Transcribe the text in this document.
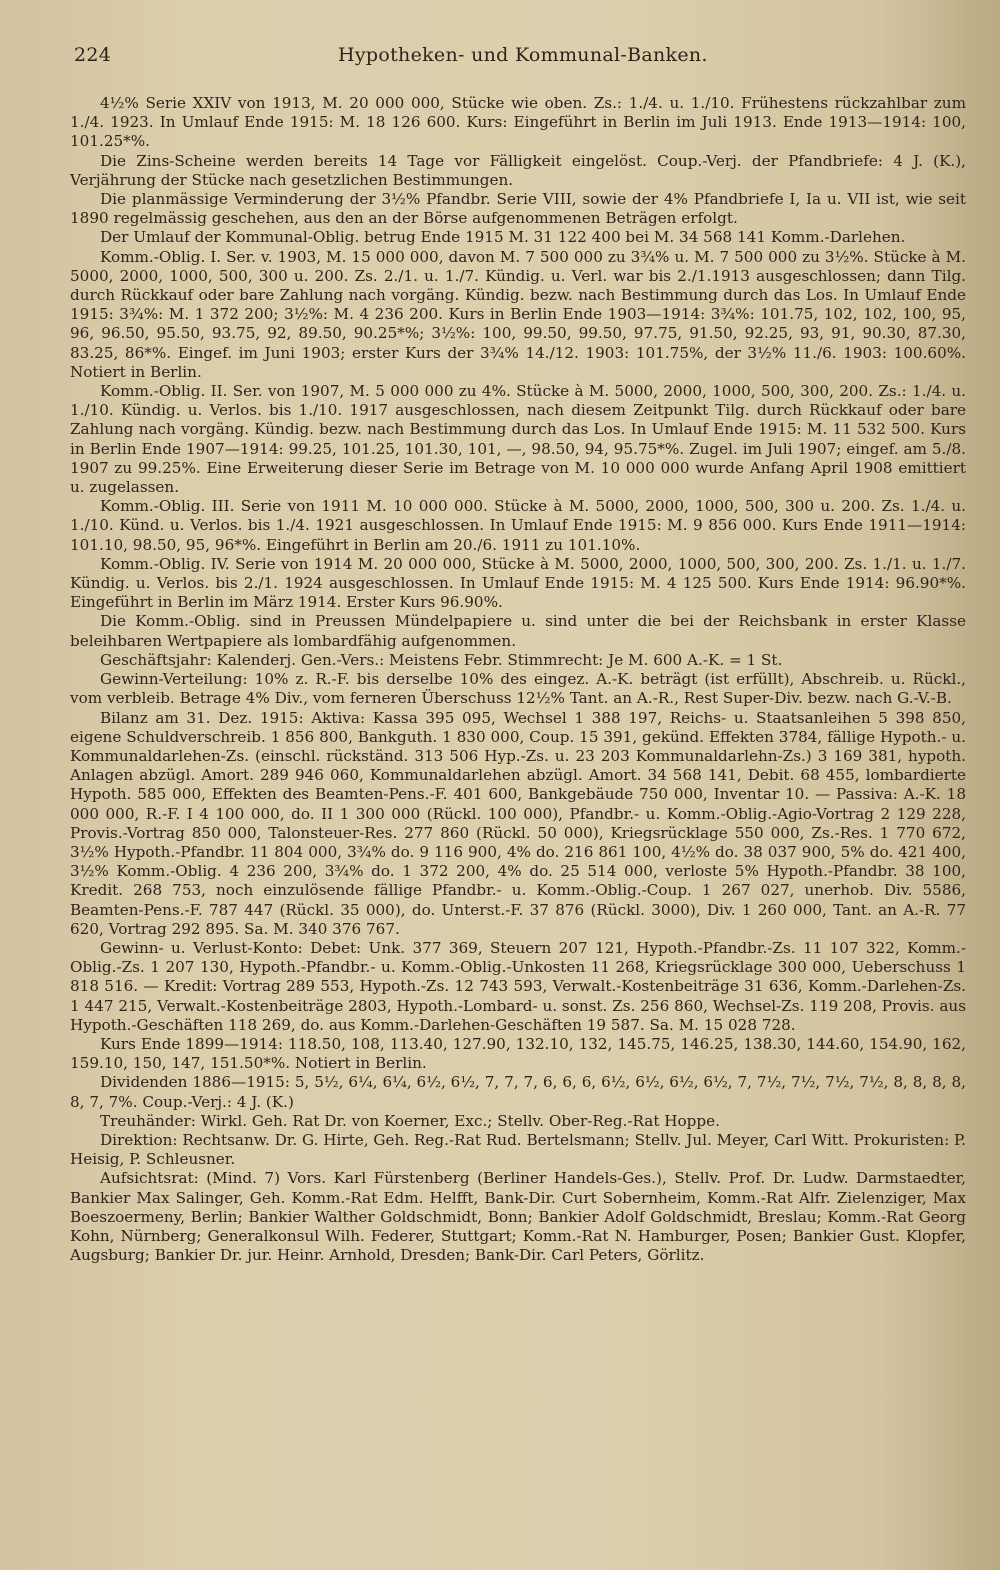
224	Hypotheken- und Kommunal-Banken.

4½% Serie XXIV von 1913, M. 20 000 000, Stücke wie oben. Zs.: 1./4. u. 1./10. Frühestens rückzahlbar zum 1./4. 1923. In Umlauf Ende 1915: M. 18 126 600. Kurs: Eingeführt in Berlin im Juli 1913. Ende 1913—1914: 100, 101.25*%.

Die Zins-Scheine werden bereits 14 Tage vor Fälligkeit eingelöst. Coup.-Verj. der Pfandbriefe: 4 J. (K.), Verjährung der Stücke nach gesetzlichen Bestimmungen.

Die planmässige Verminderung der 3½% Pfandbr. Serie VIII, sowie der 4% Pfandbriefe I, Ia u. VII ist, wie seit 1890 regelmässig geschehen, aus den an der Börse aufgenommenen Beträgen erfolgt.

Der Umlauf der Kommunal-Oblig. betrug Ende 1915 M. 31 122 400 bei M. 34 568 141 Komm.-Darlehen.

Komm.-Oblig. I. Ser. v. 1903, M. 15 000 000, davon M. 7 500 000 zu 3¾% u. M. 7 500 000 zu 3½%. Stücke à M. 5000, 2000, 1000, 500, 300 u. 200. Zs. 2./1. u. 1./7. Kündig. u. Verl. war bis 2./1.1913 ausgeschlossen; dann Tilg. durch Rückkauf oder bare Zahlung nach vorgäng. Kündig. bezw. nach Bestimmung durch das Los. In Umlauf Ende 1915: 3¾%: M. 1 372 200; 3½%: M. 4 236 200. Kurs in Berlin Ende 1903—1914: 3¾%: 101.75, 102, 102, 100, 95, 96, 96.50, 95.50, 93.75, 92, 89.50, 90.25*%; 3½%: 100, 99.50, 99.50, 97.75, 91.50, 92.25, 93, 91, 90.30, 87.30, 83.25, 86*%. Eingef. im Juni 1903; erster Kurs der 3¾% 14./12. 1903: 101.75%, der 3½% 11./6. 1903: 100.60%. Notiert in Berlin.

Komm.-Oblig. II. Ser. von 1907, M. 5 000 000 zu 4%. Stücke à M. 5000, 2000, 1000, 500, 300, 200. Zs.: 1./4. u. 1./10. Kündig. u. Verlos. bis 1./10. 1917 ausgeschlossen, nach diesem Zeitpunkt Tilg. durch Rückkauf oder bare Zahlung nach vorgäng. Kündig. bezw. nach Bestimmung durch das Los. In Umlauf Ende 1915: M. 11 532 500. Kurs in Berlin Ende 1907—1914: 99.25, 101.25, 101.30, 101, —, 98.50, 94, 95.75*%. Zugel. im Juli 1907; eingef. am 5./8. 1907 zu 99.25%. Eine Erweiterung dieser Serie im Betrage von M. 10 000 000 wurde Anfang April 1908 emittiert u. zugelassen.

Komm.-Oblig. III. Serie von 1911 M. 10 000 000. Stücke à M. 5000, 2000, 1000, 500, 300 u. 200. Zs. 1./4. u. 1./10. Künd. u. Verlos. bis 1./4. 1921 ausgeschlossen. In Umlauf Ende 1915: M. 9 856 000. Kurs Ende 1911—1914: 101.10, 98.50, 95, 96*%. Eingeführt in Berlin am 20./6. 1911 zu 101.10%.

Komm.-Oblig. IV. Serie von 1914 M. 20 000 000, Stücke à M. 5000, 2000, 1000, 500, 300, 200. Zs. 1./1. u. 1./7. Kündig. u. Verlos. bis 2./1. 1924 ausgeschlossen. In Umlauf Ende 1915: M. 4 125 500. Kurs Ende 1914: 96.90*%. Eingeführt in Berlin im März 1914. Erster Kurs 96.90%.

Die Komm.-Oblig. sind in Preussen Mündelpapiere u. sind unter die bei der Reichsbank in erster Klasse beleihbaren Wertpapiere als lombardfähig aufgenommen.

Geschäftsjahr: Kalenderj. Gen.-Vers.: Meistens Febr. Stimmrecht: Je M. 600 A.-K. = 1 St.

Gewinn-Verteilung: 10% z. R.-F. bis derselbe 10% des eingez. A.-K. beträgt (ist erfüllt), Abschreib. u. Rückl., vom verbleib. Betrage 4% Div., vom ferneren Überschuss 12½% Tant. an A.-R., Rest Super-Div. bezw. nach G.-V.-B.

Bilanz am 31. Dez. 1915: Aktiva: Kassa 395 095, Wechsel 1 388 197, Reichs- u. Staatsanleihen 5 398 850, eigene Schuldverschreib. 1 856 800, Bankguth. 1 830 000, Coup. 15 391, gekünd. Effekten 3784, fällige Hypoth.- u. Kommunaldarlehen-Zs. (einschl. rückständ. 313 506 Hyp.-Zs. u. 23 203 Kommunaldarlehn-Zs.) 3 169 381, hypoth. Anlagen abzügl. Amort. 289 946 060, Kommunaldarlehen abzügl. Amort. 34 568 141, Debit. 68 455, lombardierte Hypoth. 585 000, Effekten des Beamten-Pens.-F. 401 600, Bankgebäude 750 000, Inventar 10. — Passiva: A.-K. 18 000 000, R.-F. I 4 100 000, do. II 1 300 000 (Rückl. 100 000), Pfandbr.- u. Komm.-Oblig.-Agio-Vortrag 2 129 228, Provis.-Vortrag 850 000, Talonsteuer-Res. 277 860 (Rückl. 50 000), Kriegsrücklage 550 000, Zs.-Res. 1 770 672, 3½% Hypoth.-Pfandbr. 11 804 000, 3¾% do. 9 116 900, 4% do. 216 861 100, 4½% do. 38 037 900, 5% do. 421 400, 3½% Komm.-Oblig. 4 236 200, 3¾% do. 1 372 200, 4% do. 25 514 000, verloste 5% Hypoth.-Pfandbr. 38 100, Kredit. 268 753, noch einzulösende fällige Pfandbr.- u. Komm.-Oblig.-Coup. 1 267 027, unerhob. Div. 5586, Beamten-Pens.-F. 787 447 (Rückl. 35 000), do. Unterst.-F. 37 876 (Rückl. 3000), Div. 1 260 000, Tant. an A.-R. 77 620, Vortrag 292 895. Sa. M. 340 376 767.

Gewinn- u. Verlust-Konto: Debet: Unk. 377 369, Steuern 207 121, Hypoth.-Pfandbr.-Zs. 11 107 322, Komm.-Oblig.-Zs. 1 207 130, Hypoth.-Pfandbr.- u. Komm.-Oblig.-Unkosten 11 268, Kriegsrücklage 300 000, Ueberschuss 1 818 516. — Kredit: Vortrag 289 553, Hypoth.-Zs. 12 743 593, Verwalt.-Kostenbeiträge 31 636, Komm.-Darlehen-Zs. 1 447 215, Verwalt.-Kostenbeiträge 2803, Hypoth.-Lombard- u. sonst. Zs. 256 860, Wechsel-Zs. 119 208, Provis. aus Hypoth.-Geschäften 118 269, do. aus Komm.-Darlehen-Geschäften 19 587. Sa. M. 15 028 728.

Kurs Ende 1899—1914: 118.50, 108, 113.40, 127.90, 132.10, 132, 145.75, 146.25, 138.30, 144.60, 154.90, 162, 159.10, 150, 147, 151.50*%. Notiert in Berlin.

Dividenden 1886—1915: 5, 5½, 6¼, 6¼, 6½, 6½, 7, 7, 7, 6, 6, 6, 6½, 6½, 6½, 6½, 7, 7½, 7½, 7½, 7½, 8, 8, 8, 8, 8, 7, 7%. Coup.-Verj.: 4 J. (K.)

Treuhänder: Wirkl. Geh. Rat Dr. von Koerner, Exc.; Stellv. Ober-Reg.-Rat Hoppe.

Direktion: Rechtsanw. Dr. G. Hirte, Geh. Reg.-Rat Rud. Bertelsmann; Stellv. Jul. Meyer, Carl Witt. Prokuristen: P. Heisig, P. Schleusner.

Aufsichtsrat: (Mind. 7) Vors. Karl Fürstenberg (Berliner Handels-Ges.), Stellv. Prof. Dr. Ludw. Darmstaedter, Bankier Max Salinger, Geh. Komm.-Rat Edm. Helfft, Bank-Dir. Curt Sobernheim, Komm.-Rat Alfr. Zielenziger, Max Boeszoermeny, Berlin; Bankier Walther Goldschmidt, Bonn; Bankier Adolf Goldschmidt, Breslau; Komm.-Rat Georg Kohn, Nürnberg; Generalkonsul Wilh. Federer, Stuttgart; Komm.-Rat N. Hamburger, Posen; Bankier Gust. Klopfer, Augsburg; Bankier Dr. jur. Heinr. Arnhold, Dresden; Bank-Dir. Carl Peters, Görlitz.
